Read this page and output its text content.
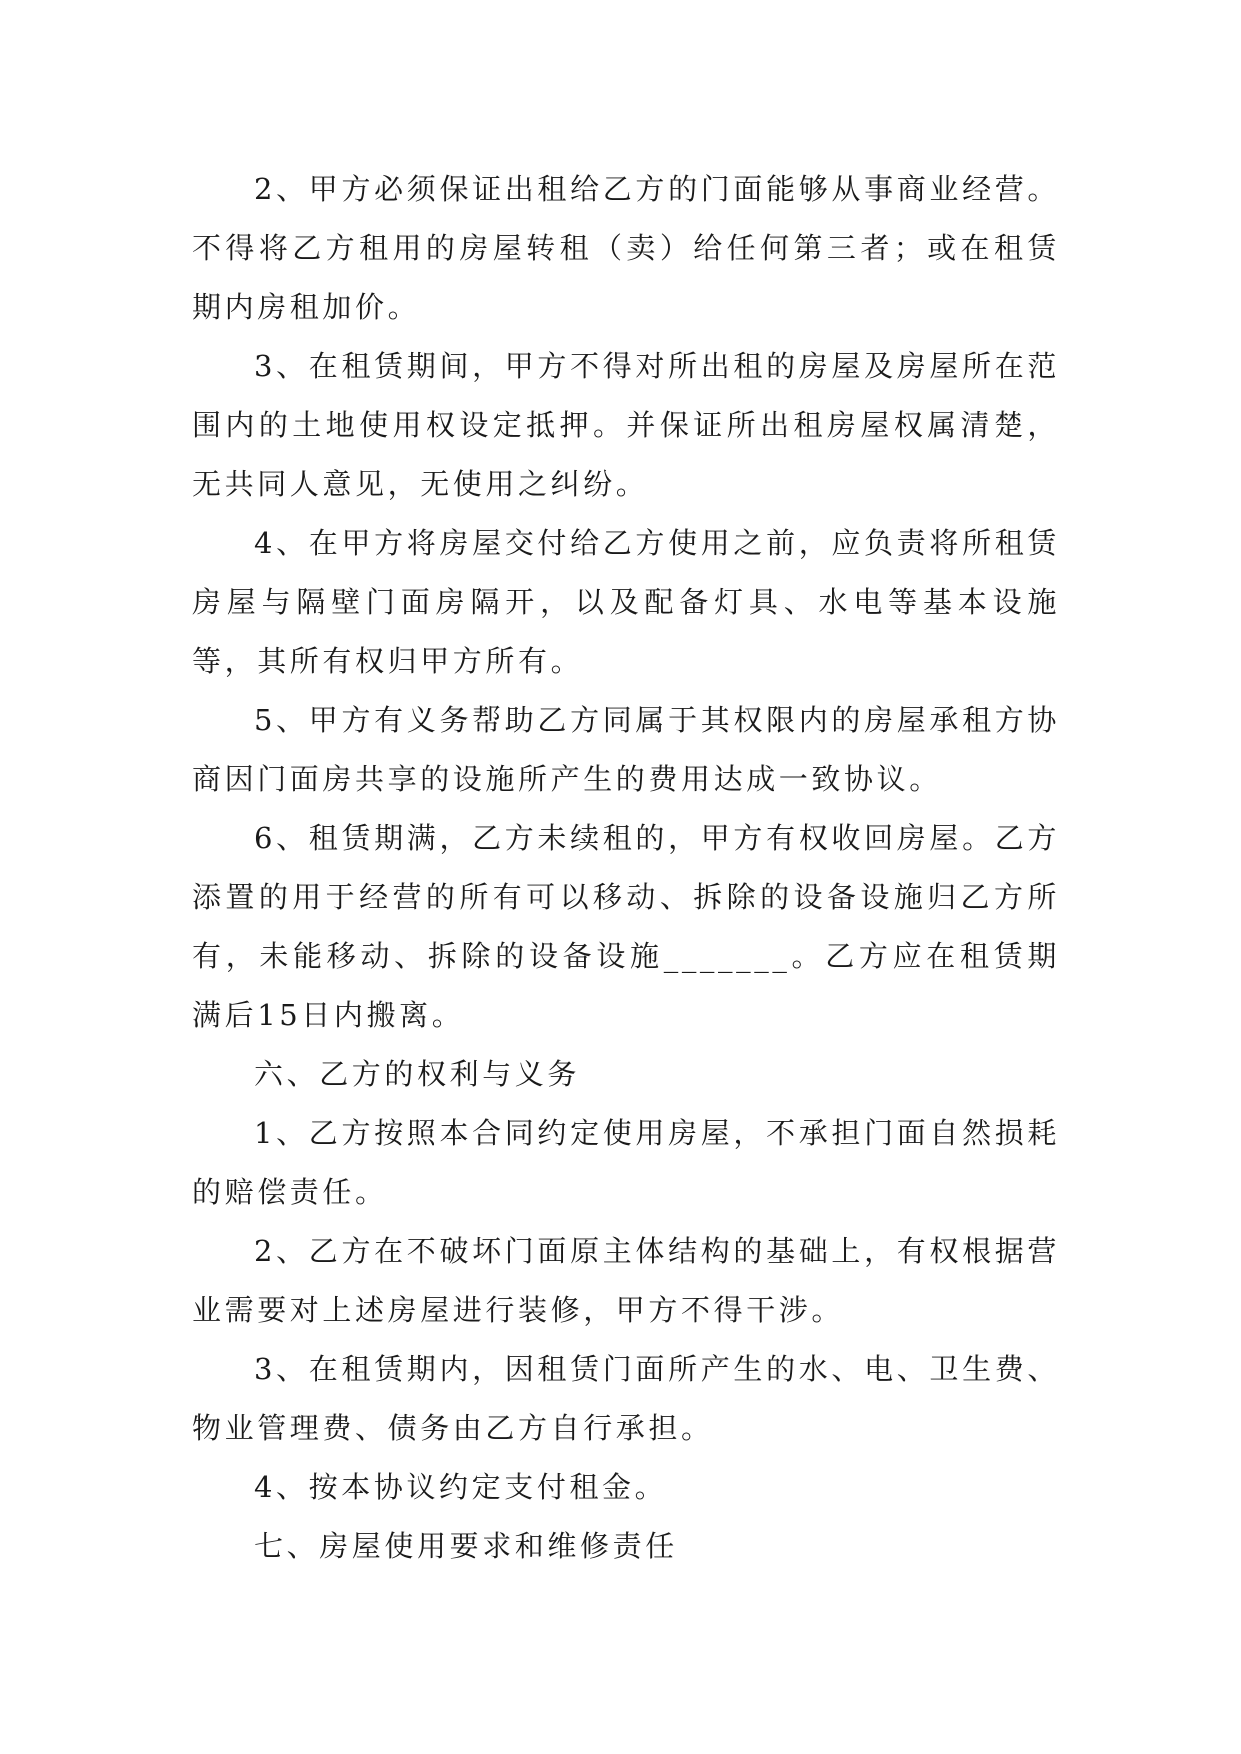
2、甲方必须保证出租给乙方的门面能够从事商业经营。不得将乙方租用的房屋转租（卖）给任何第三者；或在租赁期内房租加价。

3、在租赁期间，甲方不得对所出租的房屋及房屋所在范围内的土地使用权设定抵押。并保证所出租房屋权属清楚，无共同人意见，无使用之纠纷。

4、在甲方将房屋交付给乙方使用之前，应负责将所租赁房屋与隔壁门面房隔开，以及配备灯具、水电等基本设施等，其所有权归甲方所有。

5、甲方有义务帮助乙方同属于其权限内的房屋承租方协商因门面房共享的设施所产生的费用达成一致协议。

6、租赁期满，乙方未续租的，甲方有权收回房屋。乙方添置的用于经营的所有可以移动、拆除的设备设施归乙方所有，未能移动、拆除的设备设施_______。乙方应在租赁期满后15日内搬离。

六、乙方的权利与义务

1、乙方按照本合同约定使用房屋，不承担门面自然损耗的赔偿责任。

2、乙方在不破坏门面原主体结构的基础上，有权根据营业需要对上述房屋进行装修，甲方不得干涉。

3、在租赁期内，因租赁门面所产生的水、电、卫生费、物业管理费、债务由乙方自行承担。

4、按本协议约定支付租金。

七、房屋使用要求和维修责任
